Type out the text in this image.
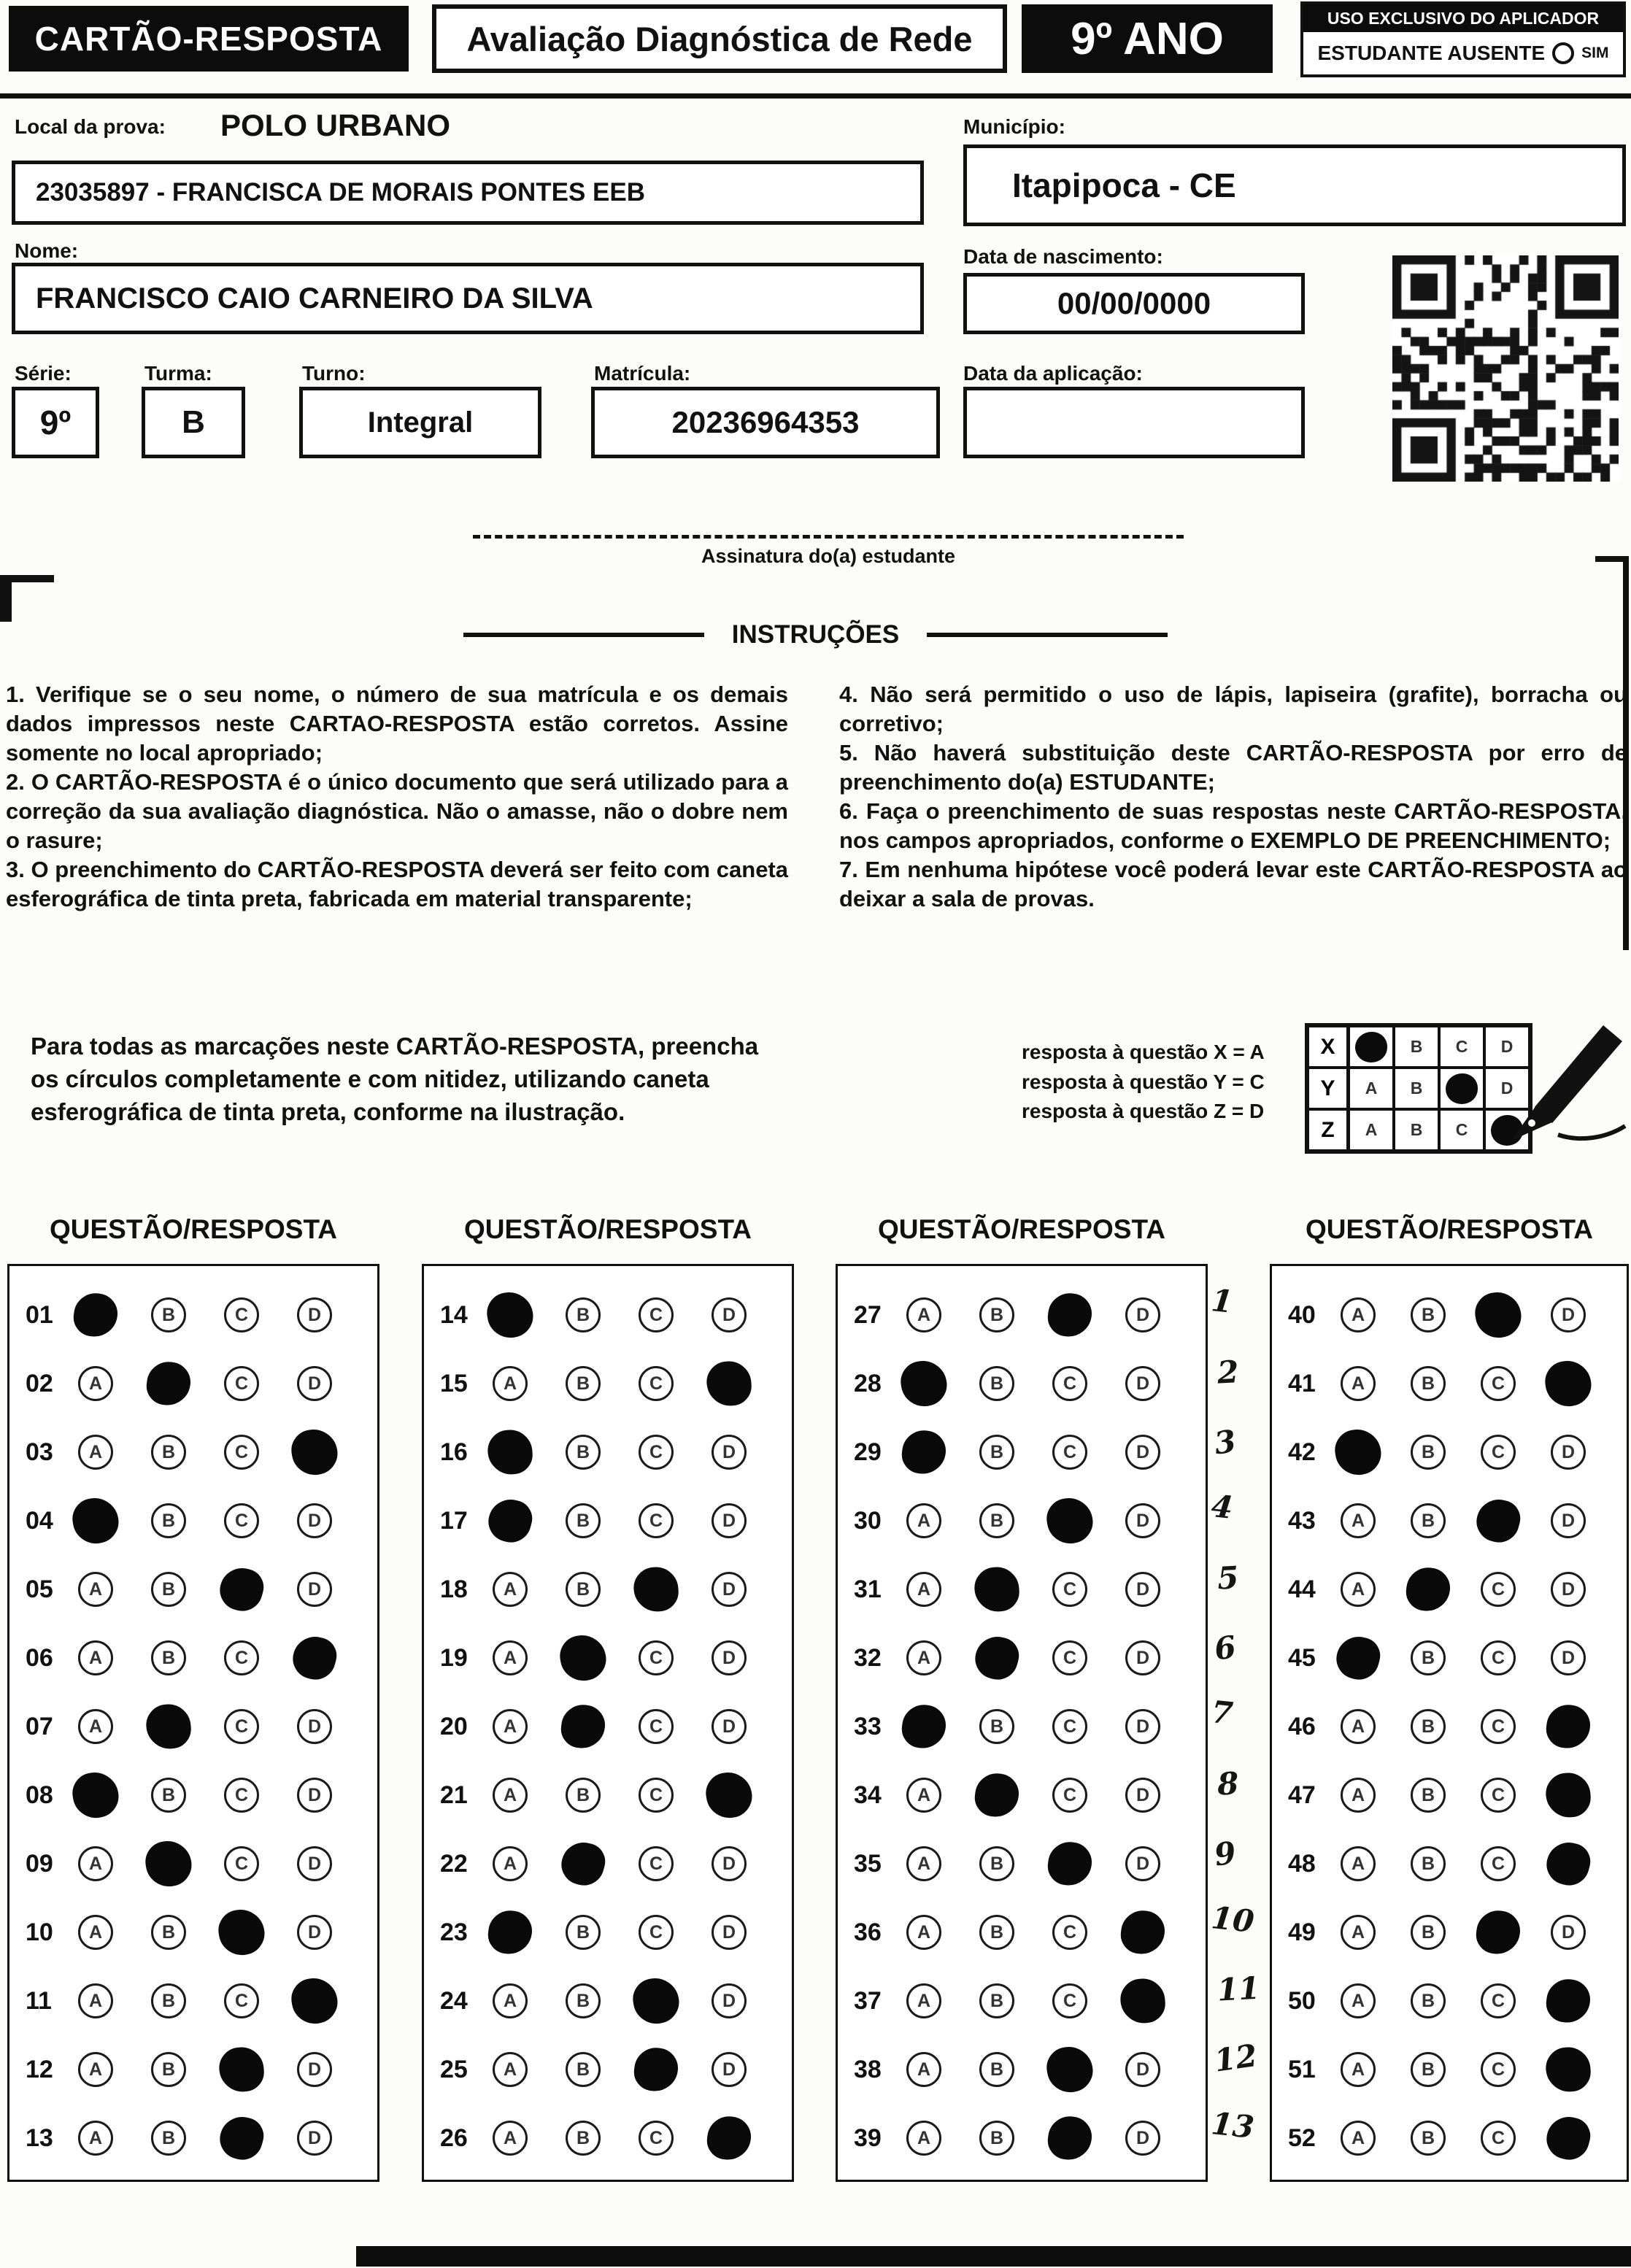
CARTÃO-RESPOSTA	Avaliação Diagnóstica de Rede	9º ANO	USO EXCLUSIVO DO APLICADOR
ESTUDANTE AUSENTE SIM
Local da prova: POLO URBANO
23035897 - FRANCISCA DE MORAIS PONTES EEB
Município:
Itapipoca - CE
Nome:
FRANCISCO CAIO CARNEIRO DA SILVA
Data de nascimento:
00/00/0000
Série:
9º
Turma:
B
Turno:
Integral
Matrícula:
20236964353
Data da aplicação:
Assinatura do(a) estudante
INSTRUÇÕES

1. Verifique se o seu nome, o número de sua matrícula e os demais dados impressos neste CARTAO-RESPOSTA estão corretos. Assine somente no local apropriado;

2. O CARTÃO-RESPOSTA é o único documento que será utilizado para a correção da sua avaliação diagnóstica. Não o amasse, não o dobre nem o rasure;

3. O preenchimento do CARTÃO-RESPOSTA deverá ser feito com caneta esferográfica de tinta preta, fabricada em material transparente;

4. Não será permitido o uso de lápis, lapiseira (grafite), borracha ou corretivo;

5. Não haverá substituição deste CARTÃO-RESPOSTA por erro de preenchimento do(a) ESTUDANTE;

6. Faça o preenchimento de suas respostas neste CARTÃO-RESPOSTA, nos campos apropriados, conforme o EXEMPLO DE PREENCHIMENTO;

7. Em nenhuma hipótese você poderá levar este CARTÃO-RESPOSTA ao deixar a sala de provas.

Para todas as marcações neste CARTÃO-RESPOSTA, preencha os círculos completamente e com nitidez, utilizando caneta esferográfica de tinta preta, conforme na ilustração.

resposta à questão X = A
resposta à questão Y = C
resposta à questão Z = D
X	B	C	D
Y	A	B	D
Z	A	B	C
QUESTÃO/RESPOSTA	QUESTÃO/RESPOSTA	QUESTÃO/RESPOSTA	QUESTÃO/RESPOSTA
01	B	C	D
02	A	C	D
03	A	B	C
04	B	C	D
05	A	B	D
06	A	B	C
07	A	C	D
08	B	C	D
09	A	C	D
10	A	B	D
11	A	B	C
12	A	B	D
13	A	B	D
14	B	C	D
15	A	B	C
16	B	C	D
17	B	C	D
18	A	B	D
19	A	C	D
20	A	C	D
21	A	B	C
22	A	C	D
23	B	C	D
24	A	B	D
25	A	B	D
26	A	B	C
27	A	B	D
28	B	C	D
29	B	C	D
30	A	B	D
31	A	C	D
32	A	C	D
33	B	C	D
34	A	C	D
35	A	B	D
36	A	B	C
37	A	B	C
38	A	B	D
39	A	B	D
40	A	B	D
41	A	B	C
42	B	C	D
43	A	B	D
44	A	C	D
45	B	C	D
46	A	B	C
47	A	B	C
48	A	B	C
49	A	B	D
50	A	B	C
51	A	B	C
52	A	B	C
1
2
3
4
5
6
7
8
9
10
11
12
13
